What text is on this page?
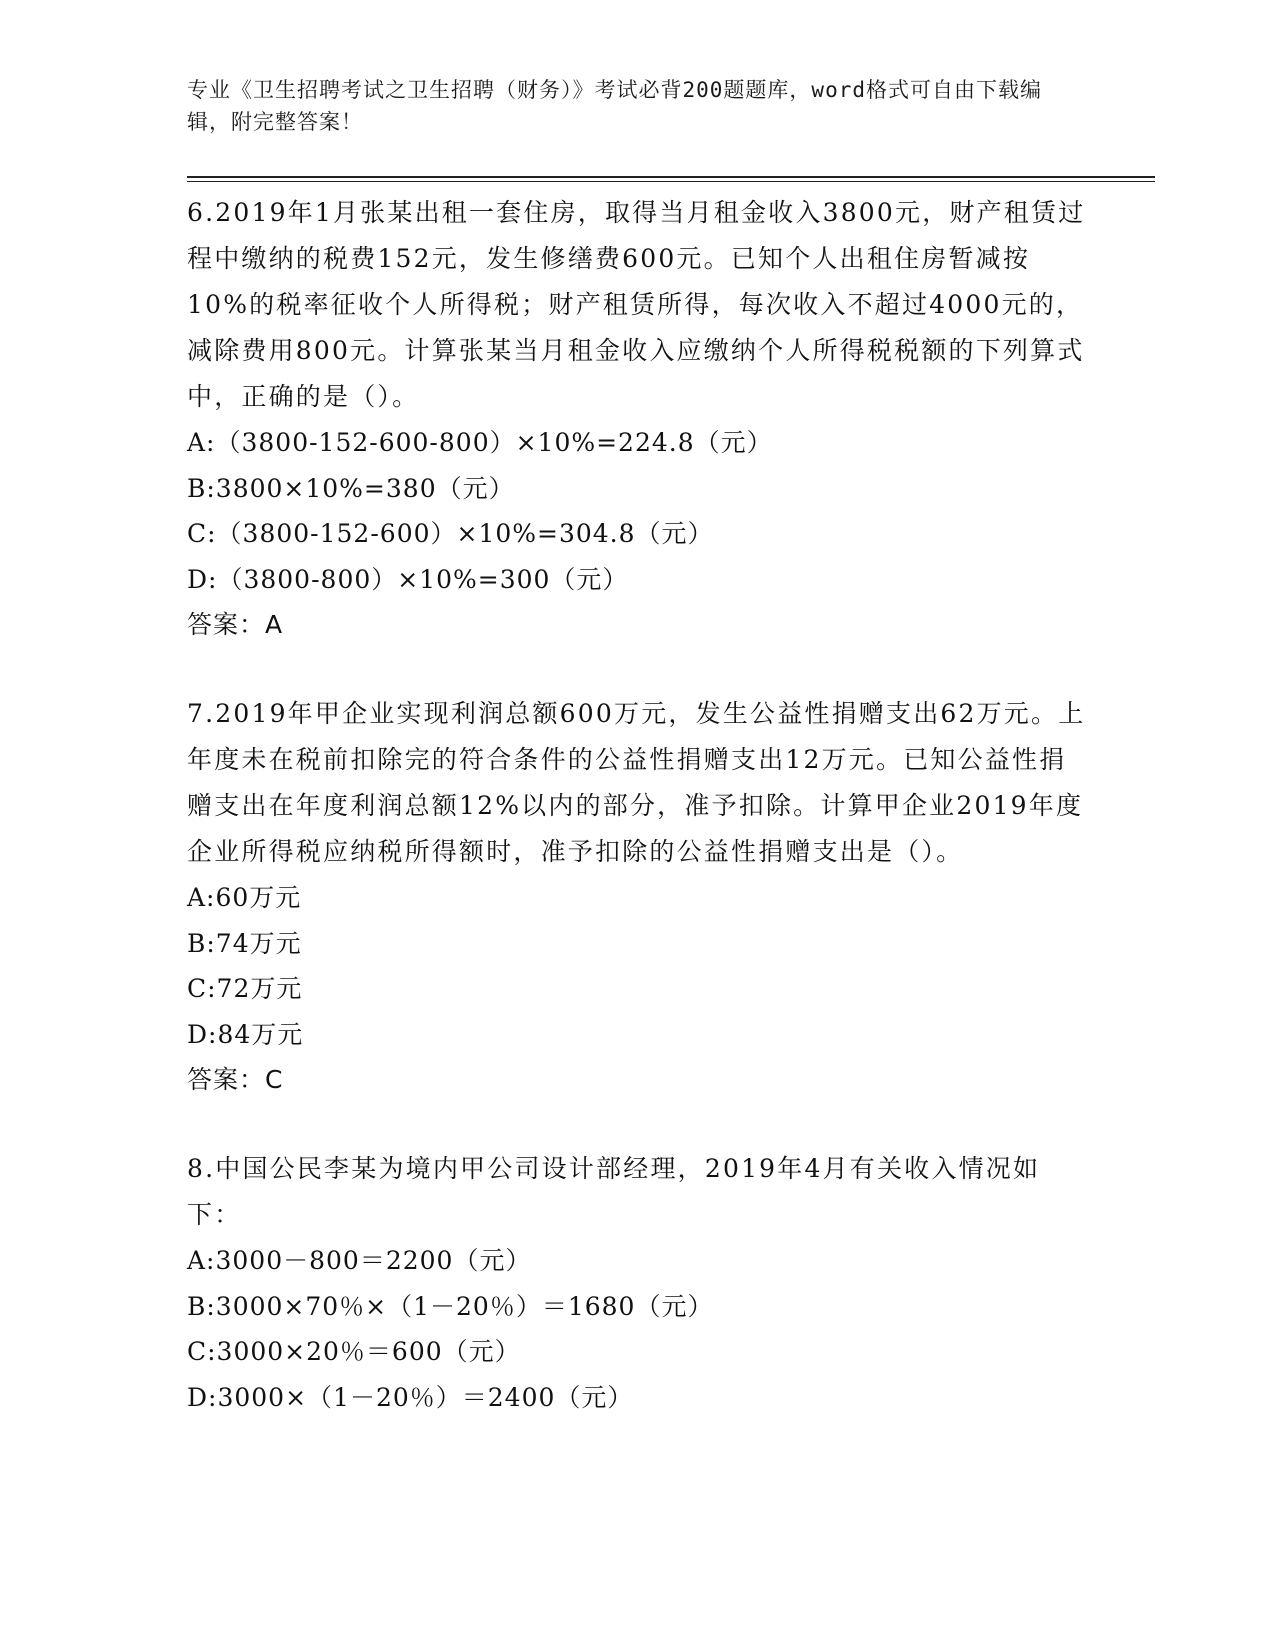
专业《卫生招聘考试之卫生招聘（财务）》考试必背200题题库，word格式可自由下载编辑，附完整答案！

6.2019年1月张某出租一套住房，取得当月租金收入3800元，财产租赁过程中缴纳的税费152元，发生修缮费600元。已知个人出租住房暂减按10%的税率征收个人所得税；财产租赁所得，每次收入不超过4000元的，减除费用800元。计算张某当月租金收入应缴纳个人所得税税额的下列算式中，正确的是（）。

A:（3800-152-600-800）×10%=224.8（元）

B:3800×10%=380（元）

C:（3800-152-600）×10%=304.8（元）

D:（3800-800）×10%=300（元）

答案：A

7.2019年甲企业实现利润总额600万元，发生公益性捐赠支出62万元。上年度未在税前扣除完的符合条件的公益性捐赠支出12万元。已知公益性捐赠支出在年度利润总额12%以内的部分，准予扣除。计算甲企业2019年度企业所得税应纳税所得额时，准予扣除的公益性捐赠支出是（）。

A:60万元

B:74万元

C:72万元

D:84万元

答案：C

8.中国公民李某为境内甲公司设计部经理，2019年4月有关收入情况如下：

A:3000－800＝2200（元）

B:3000×70％×（1－20％）＝1680（元）

C:3000×20％＝600（元）

D:3000×（1－20％）＝2400（元）
